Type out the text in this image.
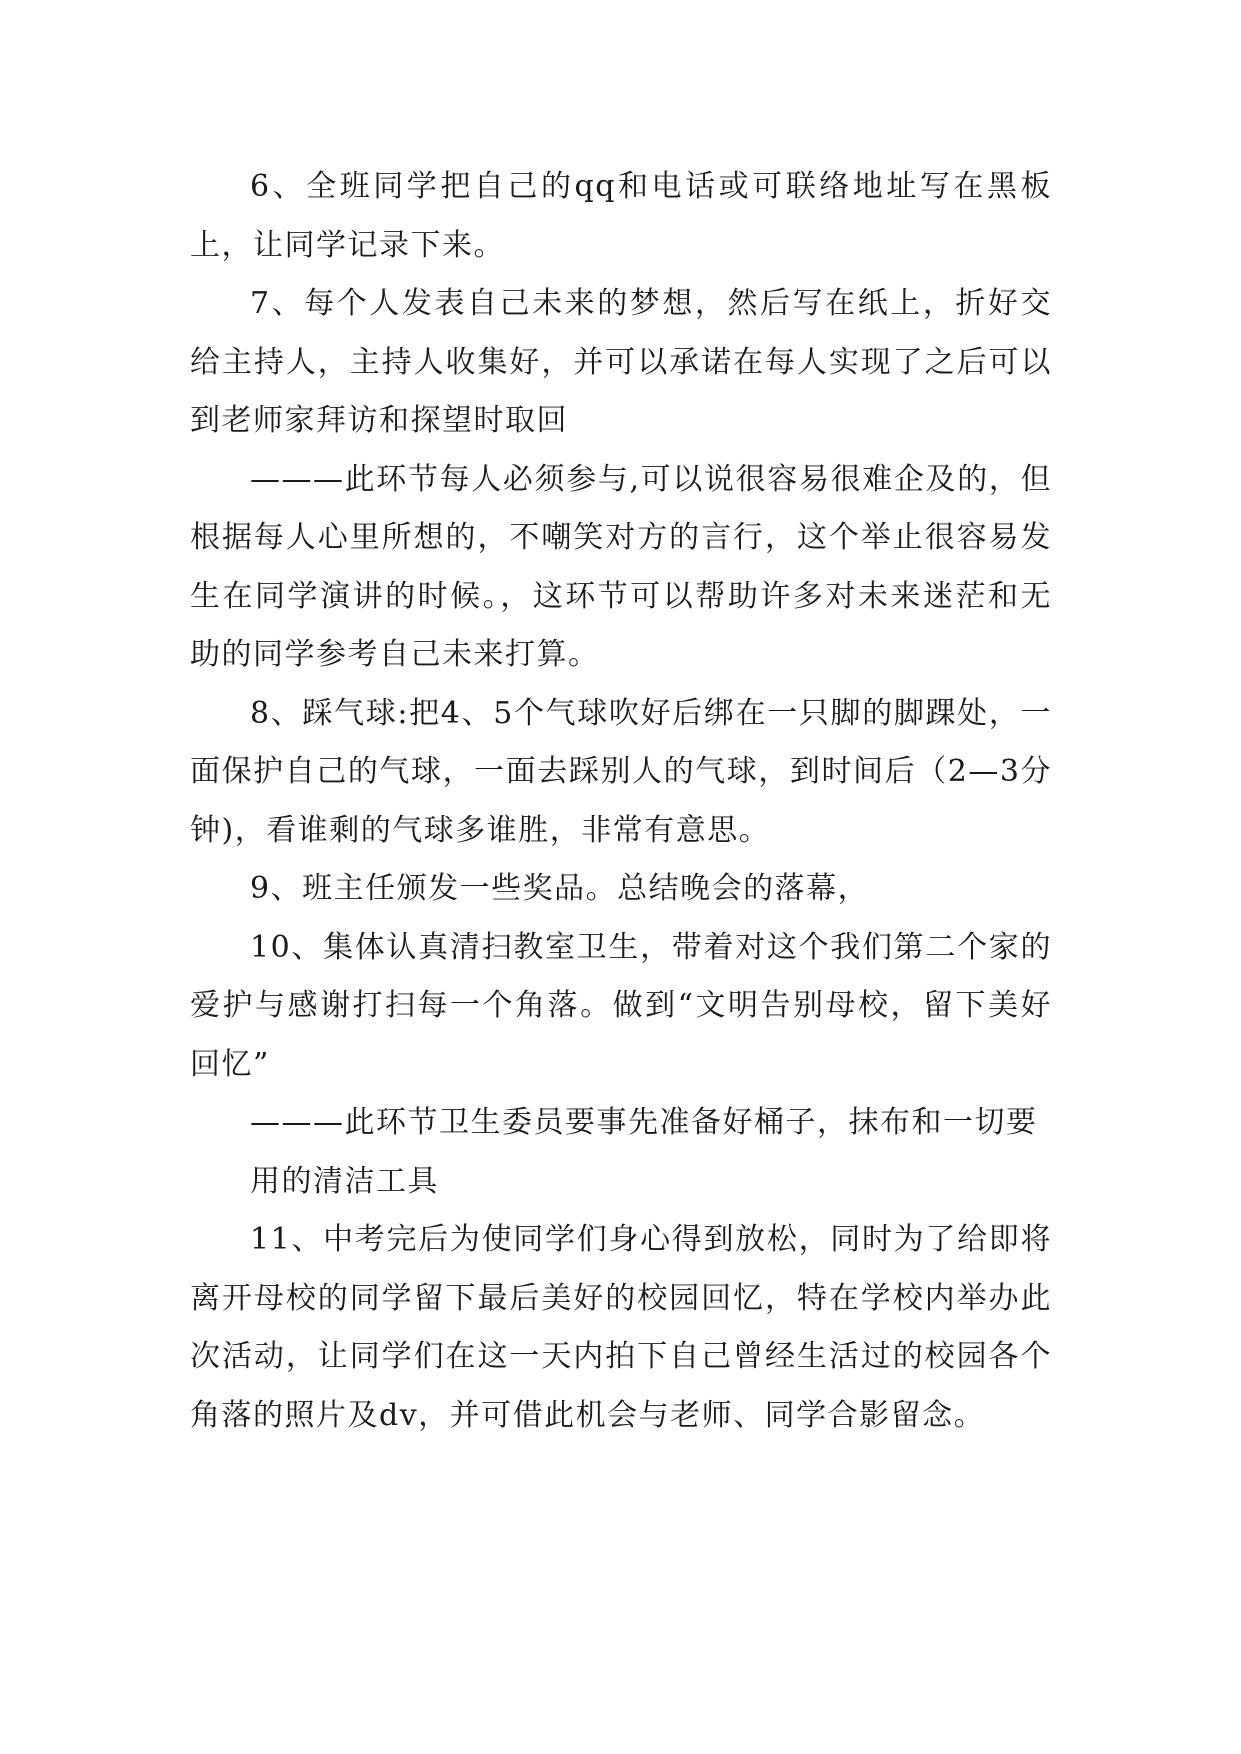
6、全班同学把自己的qq和电话或可联络地址写在黑板上，让同学记录下来。

7、每个人发表自己未来的梦想，然后写在纸上，折好交给主持人，主持人收集好，并可以承诺在每人实现了之后可以到老师家拜访和探望时取回

———此环节每人必须参与,可以说很容易很难企及的，但根据每人心里所想的，不嘲笑对方的言行，这个举止很容易发生在同学演讲的时候。，这环节可以帮助许多对未来迷茫和无助的同学参考自己未来打算。

8、踩气球:把4、5个气球吹好后绑在一只脚的脚踝处，一面保护自己的气球，一面去踩别人的气球，到时间后（2—3分钟)，看谁剩的气球多谁胜，非常有意思。

9、班主任颁发一些奖品。总结晚会的落幕，

10、集体认真清扫教室卫生，带着对这个我们第二个家的爱护与感谢打扫每一个角落。做到“文明告别母校，留下美好回忆”

———此环节卫生委员要事先准备好桶子，抹布和一切要

用的清洁工具

11、中考完后为使同学们身心得到放松，同时为了给即将离开母校的同学留下最后美好的校园回忆，特在学校内举办此次活动，让同学们在这一天内拍下自己曾经生活过的校园各个角落的照片及dv，并可借此机会与老师、同学合影留念。
